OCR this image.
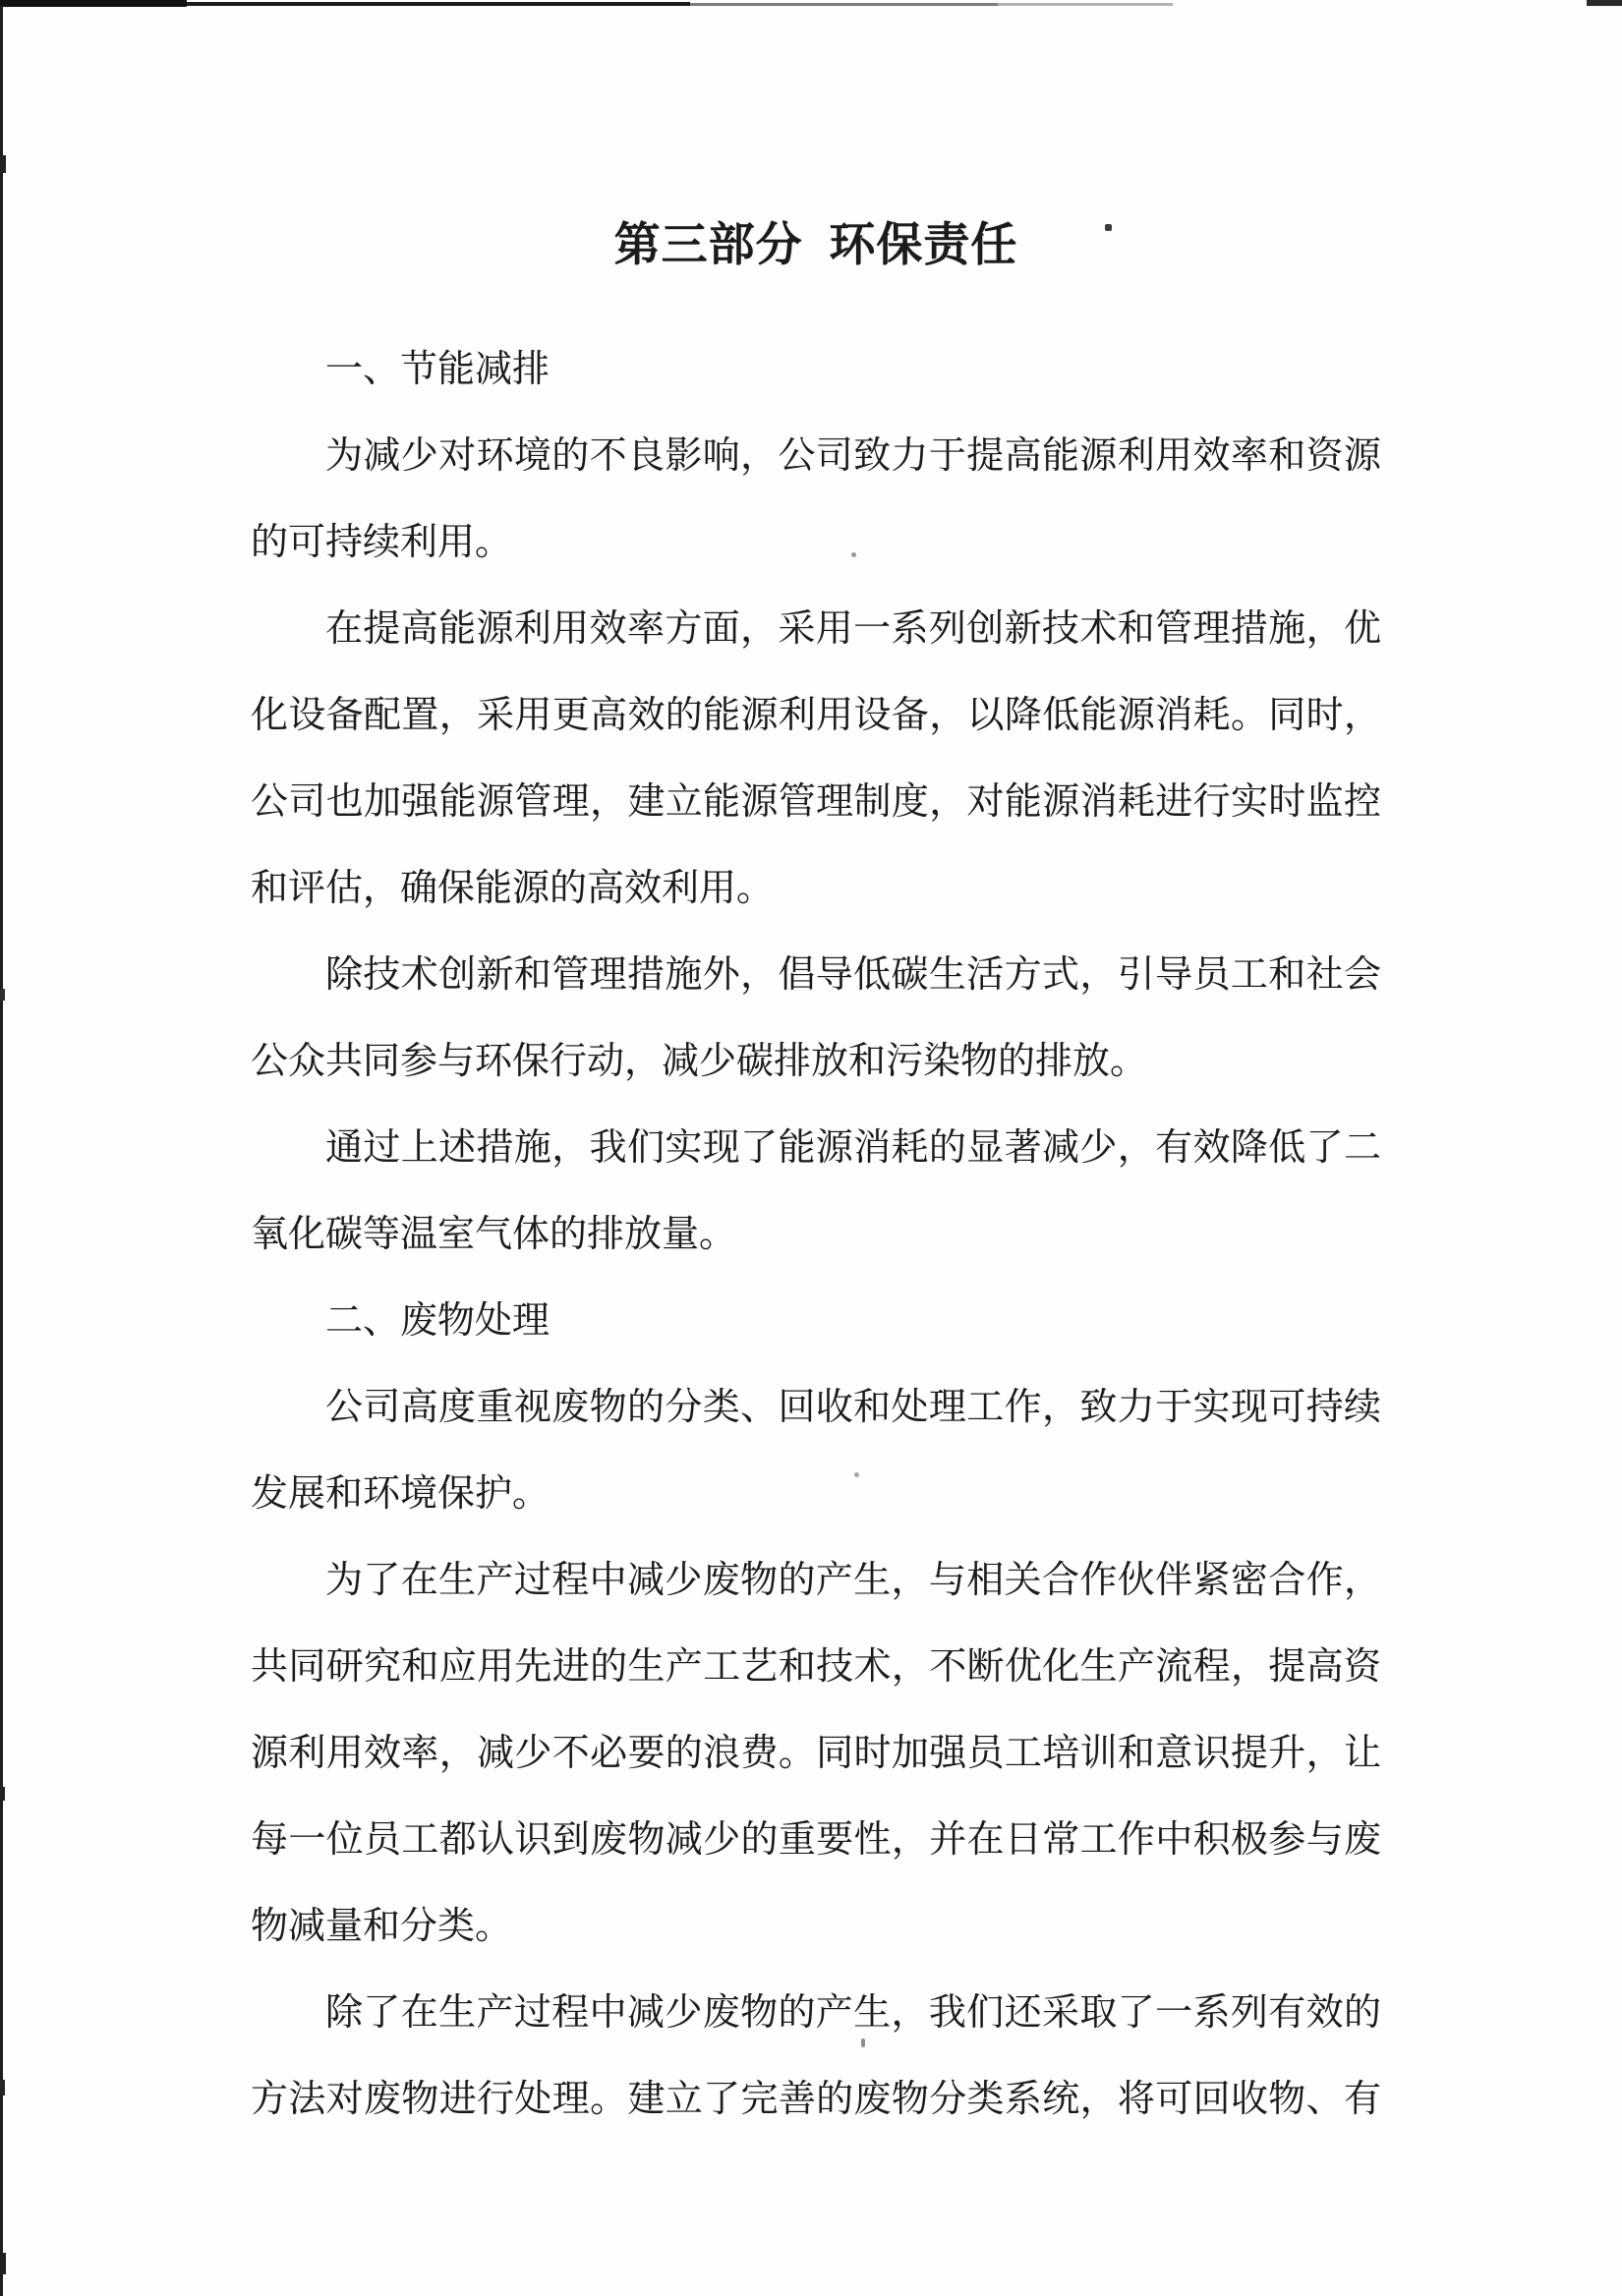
第三部分 环保责任
一、节能减排
为减少对环境的不良影响，公司致力于提高能源利用效率和资源
的可持续利用。
在提高能源利用效率方面，采用一系列创新技术和管理措施，优
化设备配置，采用更高效的能源利用设备，以降低能源消耗。同时，
公司也加强能源管理，建立能源管理制度，对能源消耗进行实时监控
和评估，确保能源的高效利用。
除技术创新和管理措施外，倡导低碳生活方式，引导员工和社会
公众共同参与环保行动，减少碳排放和污染物的排放。
通过上述措施，我们实现了能源消耗的显著减少，有效降低了二
氧化碳等温室气体的排放量。
二、废物处理
公司高度重视废物的分类、回收和处理工作，致力于实现可持续
发展和环境保护。
为了在生产过程中减少废物的产生，与相关合作伙伴紧密合作，
共同研究和应用先进的生产工艺和技术，不断优化生产流程，提高资
源利用效率，减少不必要的浪费。同时加强员工培训和意识提升，让
每一位员工都认识到废物减少的重要性，并在日常工作中积极参与废
物减量和分类。
除了在生产过程中减少废物的产生，我们还采取了一系列有效的
方法对废物进行处理。建立了完善的废物分类系统，将可回收物、有
